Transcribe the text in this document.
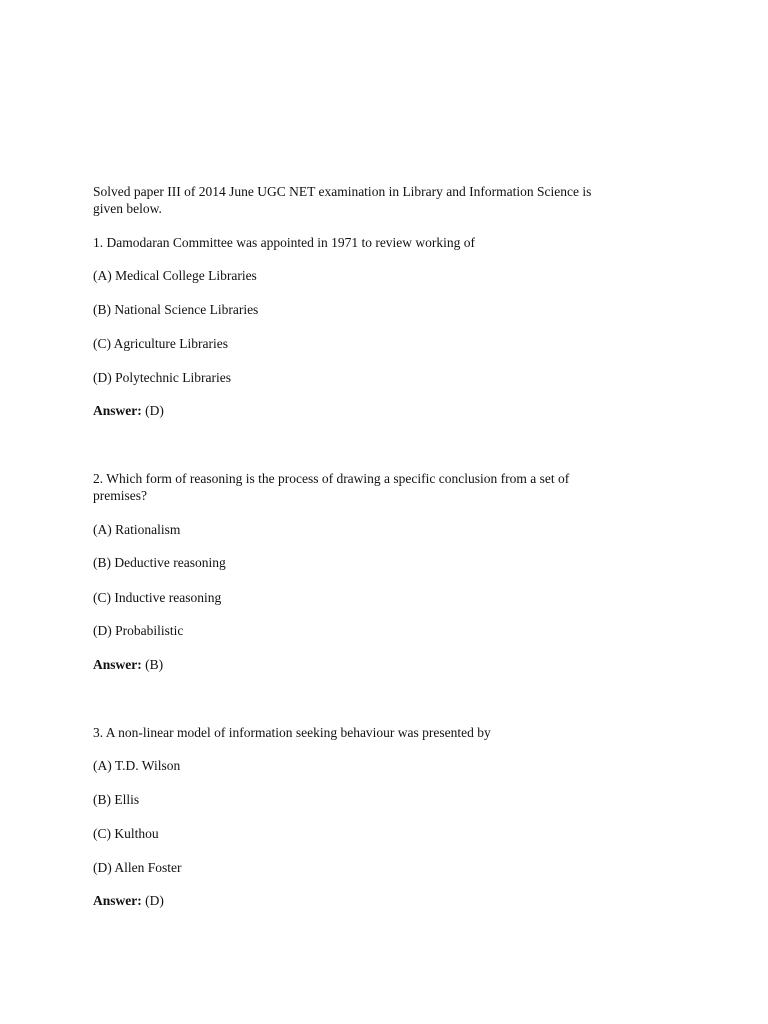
Solved paper III of 2014 June UGC NET examination in Library and Information Science is
given below.
1. Damodaran Committee was appointed in 1971 to review working of
(A) Medical College Libraries
(B) National Science Libraries
(C) Agriculture Libraries
(D) Polytechnic Libraries
Answer: (D)
2. Which form of reasoning is the process of drawing a specific conclusion from a set of
premises?
(A) Rationalism
(B) Deductive reasoning
(C) Inductive reasoning
(D) Probabilistic
Answer: (B)
3. A non-linear model of information seeking behaviour was presented by
(A) T.D. Wilson
(B) Ellis
(C) Kulthou
(D) Allen Foster
Answer: (D)
